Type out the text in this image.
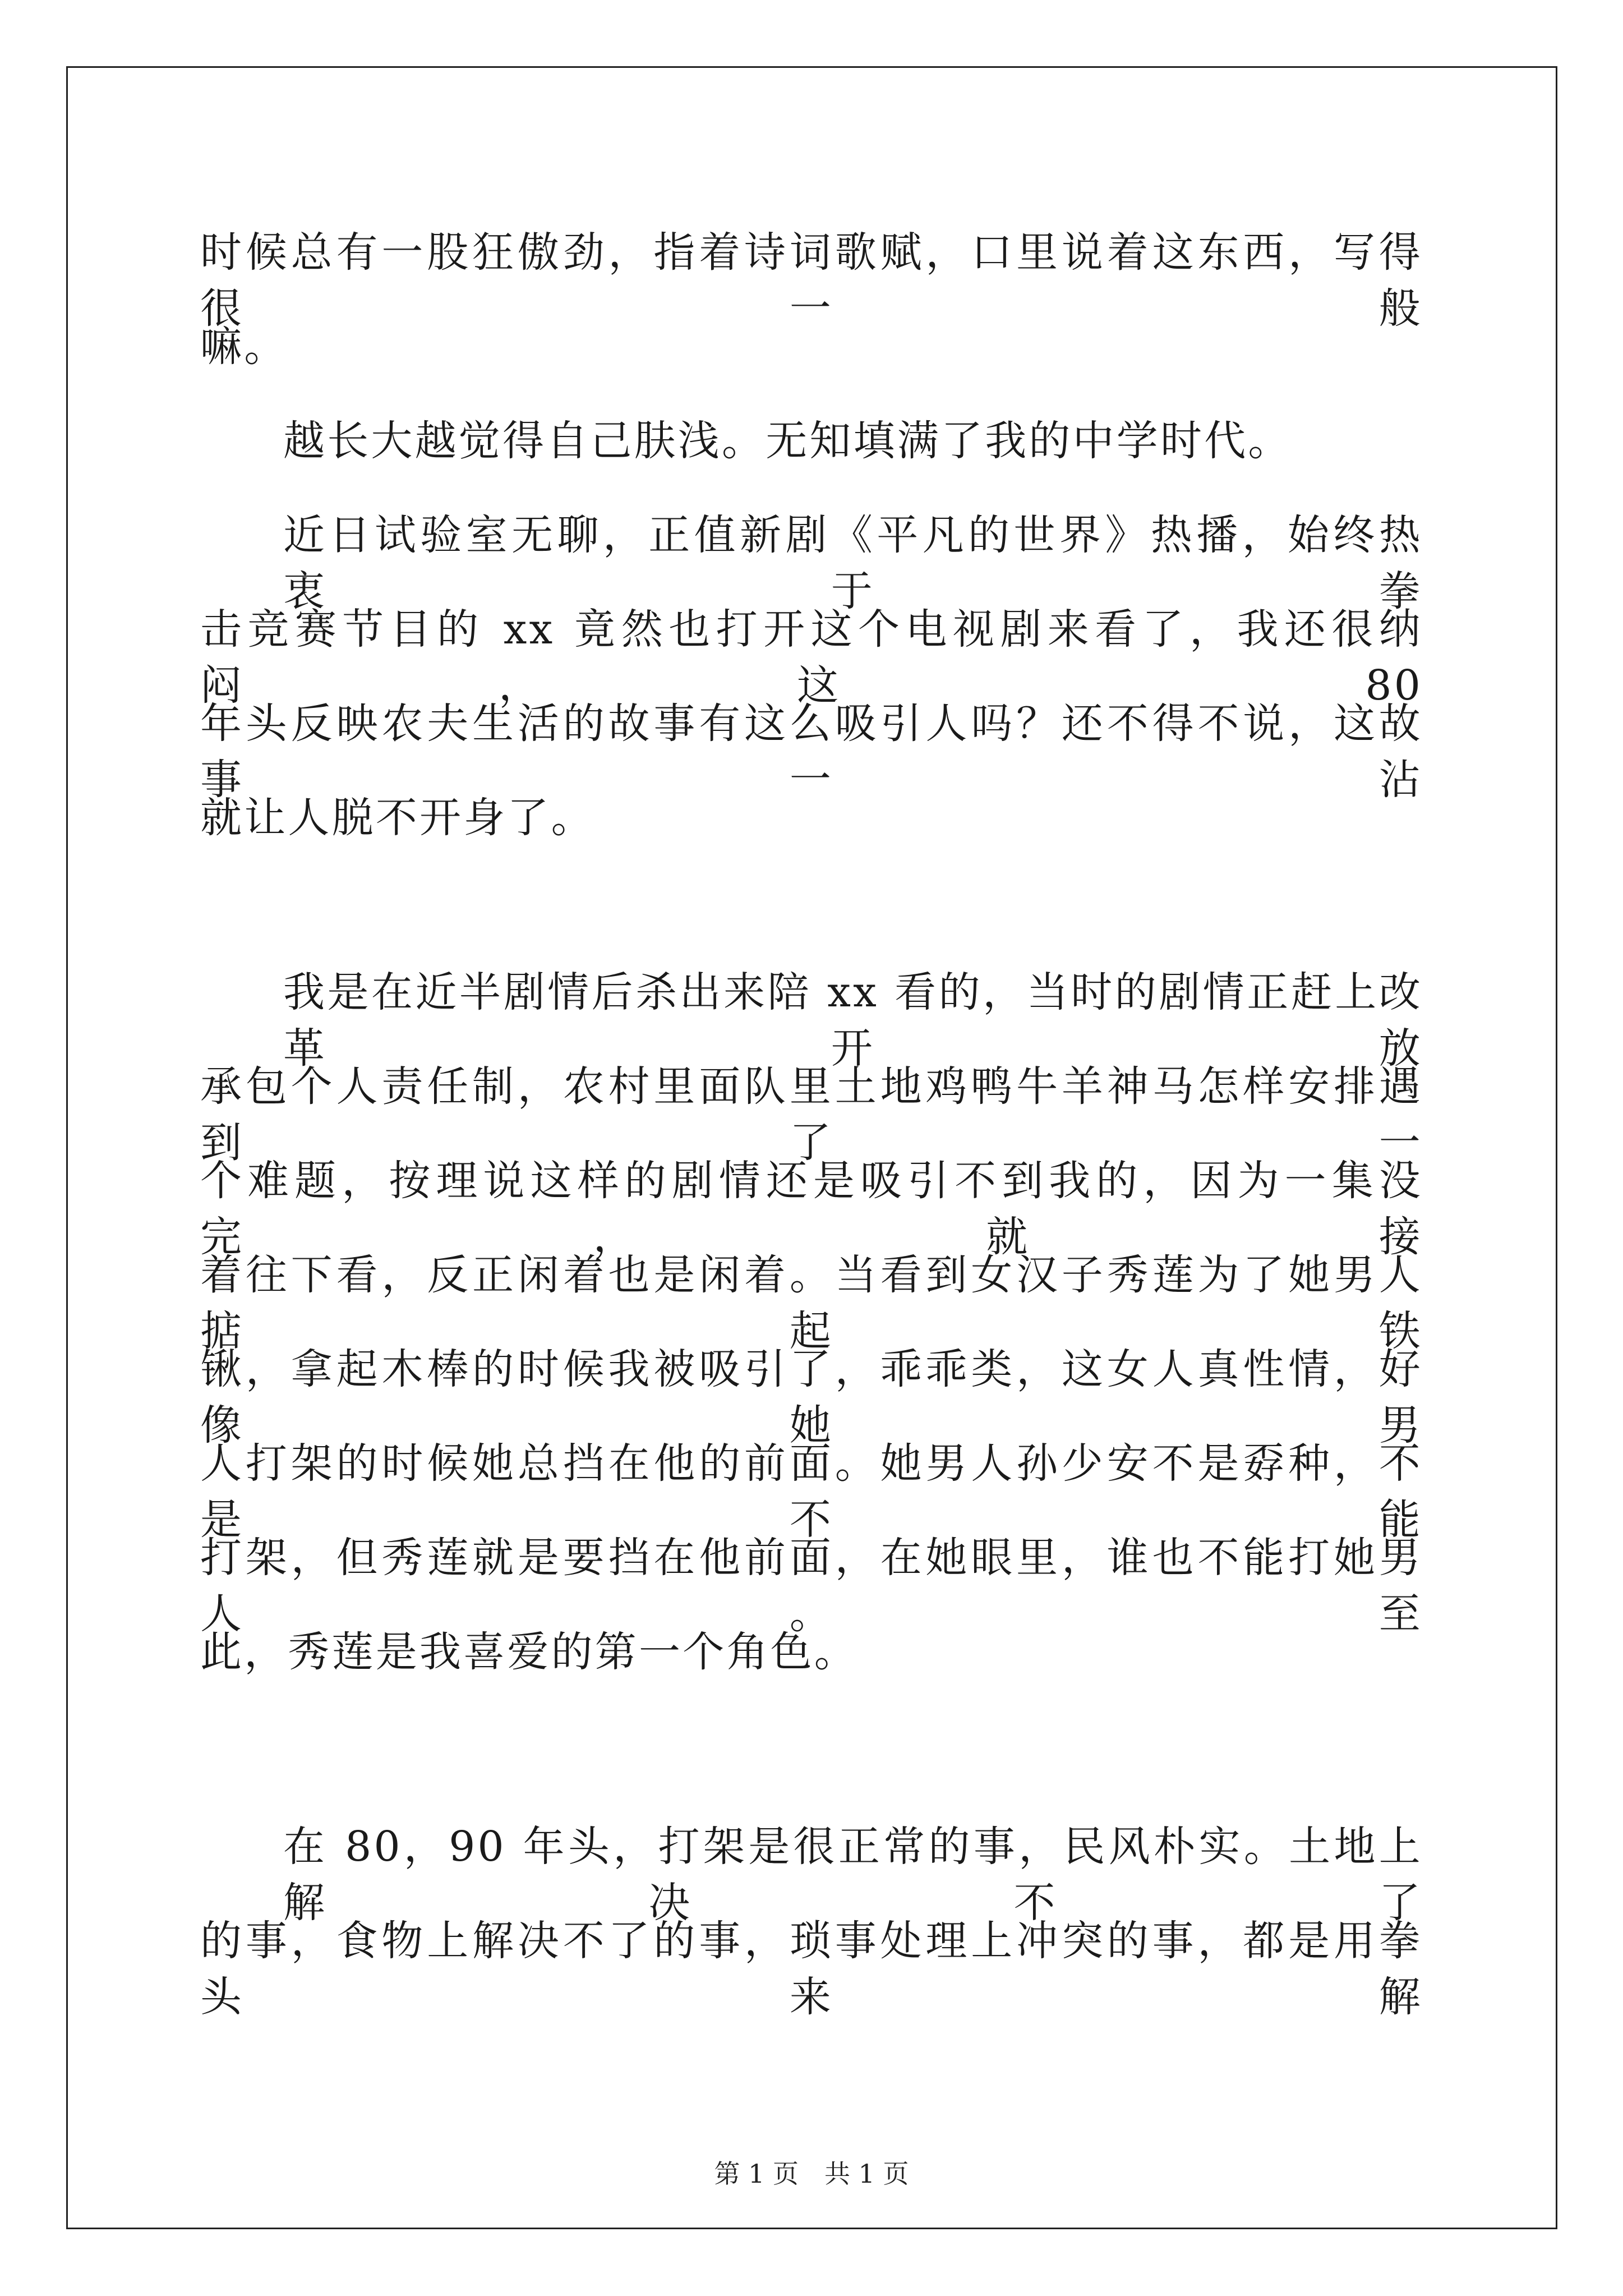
时候总有一股狂傲劲，指着诗词歌赋，口里说着这东西，写得很一般
嘛。
越长大越觉得自己肤浅。无知填满了我的中学时代。
近日试验室无聊，正值新剧《平凡的世界》热播，始终热衷于拳
击竞赛节目的 xx 竟然也打开这个电视剧来看了，我还很纳闷，这 80
年头反映农夫生活的故事有这么吸引人吗？还不得不说，这故事一沾
就让人脱不开身了。
我是在近半剧情后杀出来陪 xx 看的，当时的剧情正赶上改革开放
承包个人责任制，农村里面队里土地鸡鸭牛羊神马怎样安排遇到了一
个难题，按理说这样的剧情还是吸引不到我的，因为一集没完，就接
着往下看，反正闲着也是闲着。当看到女汉子秀莲为了她男人掂起铁
锹，拿起木棒的时候我被吸引了，乖乖类，这女人真性情，好像她男
人打架的时候她总挡在他的前面。她男人孙少安不是孬种，不是不能
打架，但秀莲就是要挡在他前面，在她眼里，谁也不能打她男人。至
此，秀莲是我喜爱的第一个角色。
在 80，90 年头，打架是很正常的事，民风朴实。土地上解决不了
的事，食物上解决不了的事，琐事处理上冲突的事，都是用拳头来解
第 1 页　共 1 页
